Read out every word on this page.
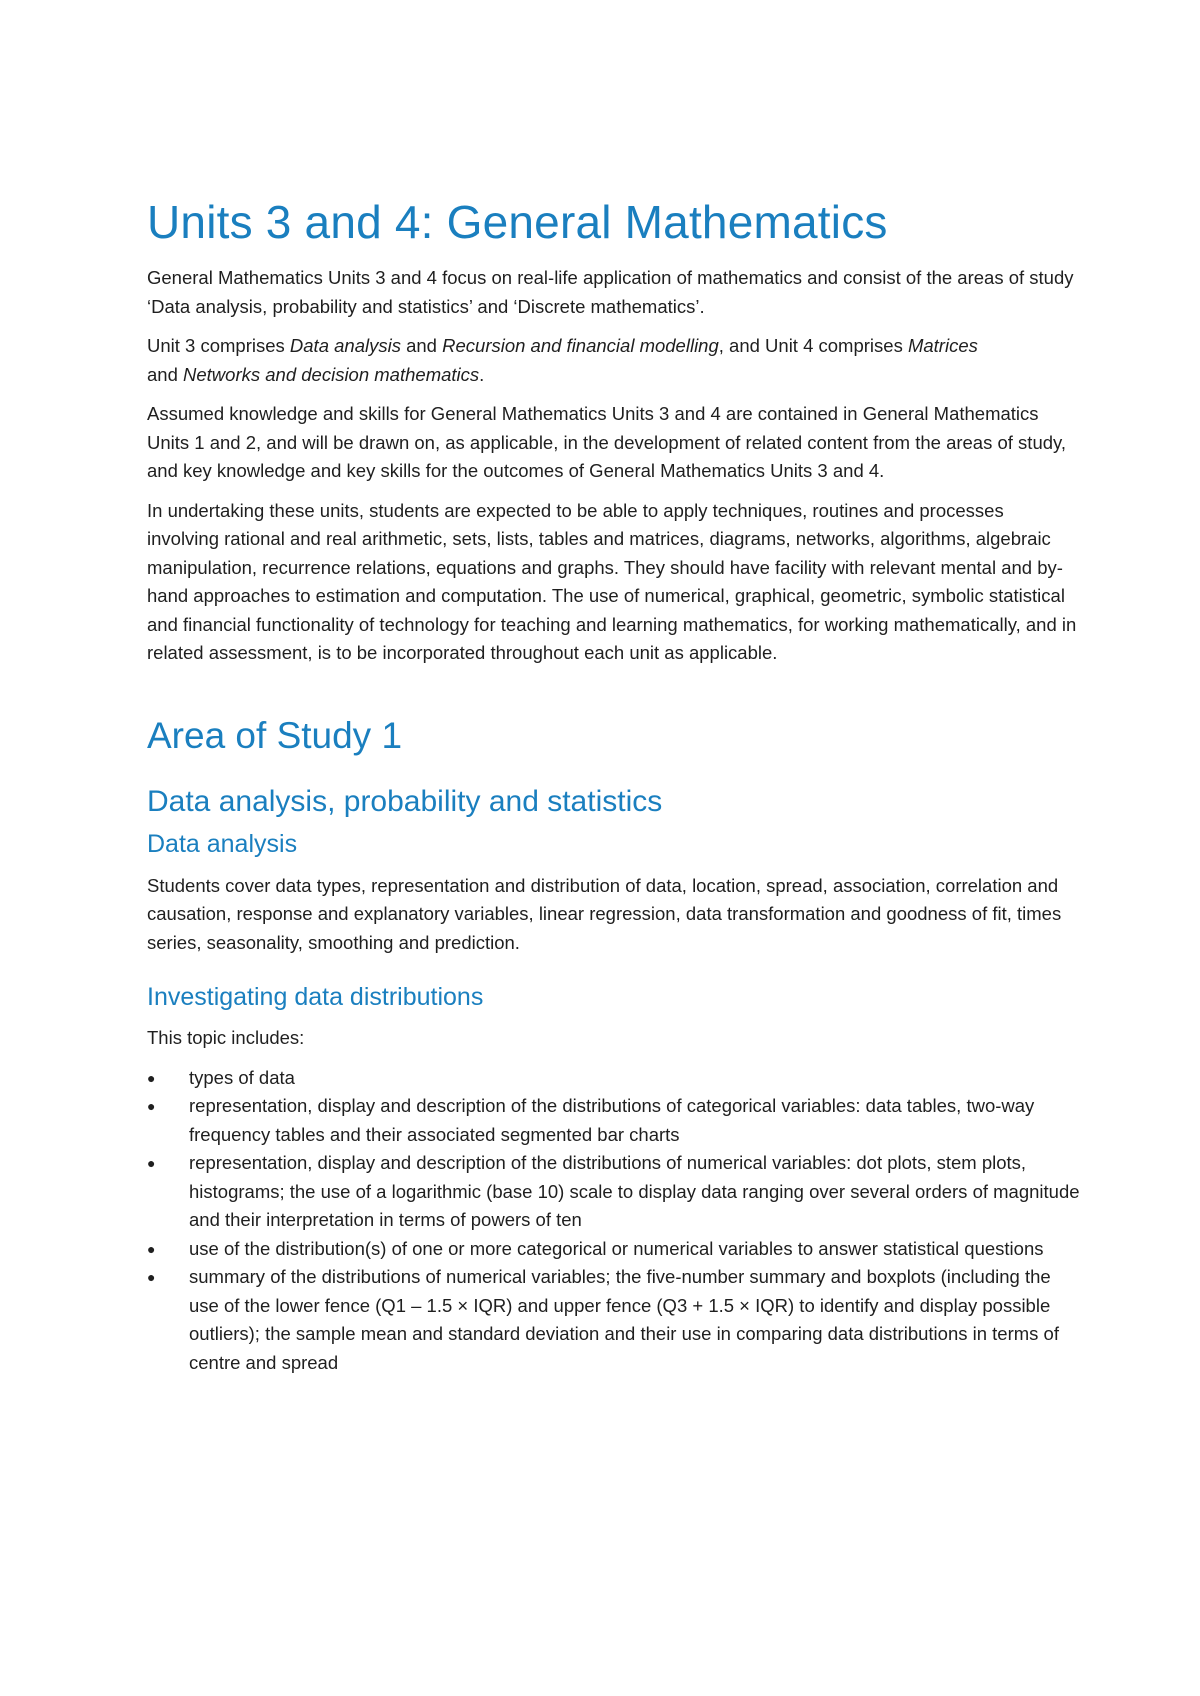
Units 3 and 4: General Mathematics

General Mathematics Units 3 and 4 focus on real-life application of mathematics and consist of the areas of study ‘Data analysis, probability and statistics’ and ‘Discrete mathematics’.

Unit 3 comprises Data analysis and Recursion and financial modelling, and Unit 4 comprises Matrices
and Networks and decision mathematics.

Assumed knowledge and skills for General Mathematics Units 3 and 4 are contained in General Mathematics Units 1 and 2, and will be drawn on, as applicable, in the development of related content from the areas of study, and key knowledge and key skills for the outcomes of General Mathematics Units 3 and 4.

In undertaking these units, students are expected to be able to apply techniques, routines and processes involving rational and real arithmetic, sets, lists, tables and matrices, diagrams, networks, algorithms, algebraic manipulation, recurrence relations, equations and graphs. They should have facility with relevant mental and by-hand approaches to estimation and computation. The use of numerical, graphical, geometric, symbolic statistical and financial functionality of technology for teaching and learning mathematics, for working mathematically, and in related assessment, is to be incorporated throughout each unit as applicable.

Area of Study 1
Data analysis, probability and statistics
Data analysis

Students cover data types, representation and distribution of data, location, spread, association, correlation and causation, response and explanatory variables, linear regression, data transformation and goodness of fit, times series, seasonality, smoothing and prediction.

Investigating data distributions

This topic includes:

●	types of data
●	representation, display and description of the distributions of categorical variables: data tables, two-way frequency tables and their associated segmented bar charts
●	representation, display and description of the distributions of numerical variables: dot plots, stem plots, histograms; the use of a logarithmic (base 10) scale to display data ranging over several orders of magnitude and their interpretation in terms of powers of ten
●	use of the distribution(s) of one or more categorical or numerical variables to answer statistical questions
●	summary of the distributions of numerical variables; the five-number summary and boxplots (including the use of the lower fence (Q1 – 1.5 × IQR) and upper fence (Q3 + 1.5 × IQR) to identify and display possible outliers); the sample mean and standard deviation and their use in comparing data distributions in terms of centre and spread
